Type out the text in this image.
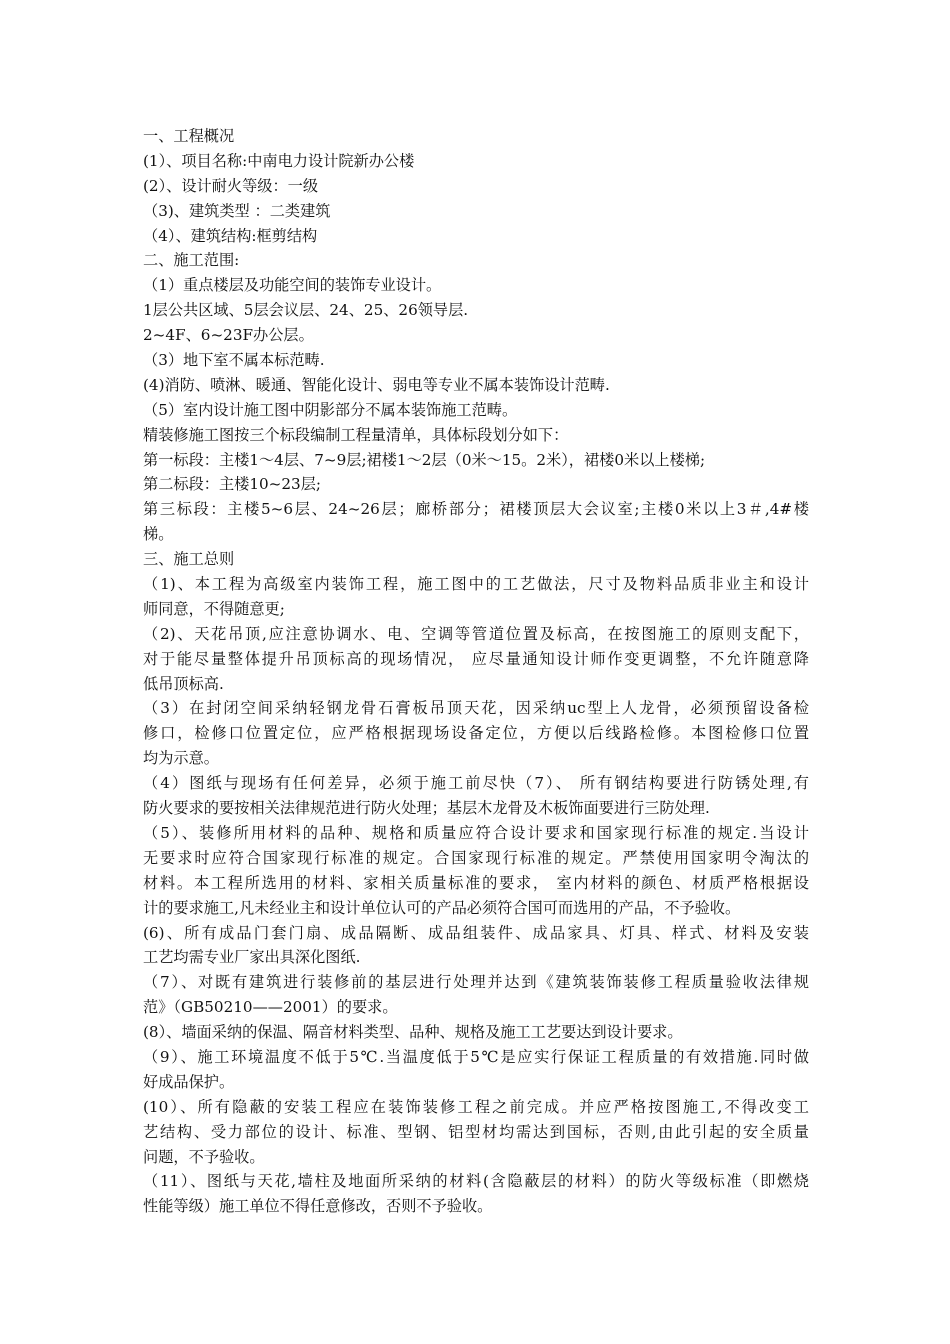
一、工程概况
(1）、项目名称:中南电力设计院新办公楼
(2）、设计耐火等级：一级
（3)、建筑类型 ：二类建筑
（4）、建筑结构:框剪结构
二、施工范围:
（1）重点楼层及功能空间的装饰专业设计。
1层公共区域、5层会议层、24、25、26领导层.
2~4F、6~23F办公层。
（3）地下室不属本标范畴.
(4)消防、喷淋、暖通、智能化设计、弱电等专业不属本装饰设计范畴.
（5）室内设计施工图中阴影部分不属本装饰施工范畴。
精装修施工图按三个标段编制工程量清单，具体标段划分如下：
第一标段：主楼1～4层、7~9层;裙楼1～2层（0米～15。2米），裙楼0米以上楼梯;
第二标段：主楼10~23层;
第三标段：主楼5~6层、24~26层；廊桥部分；裙楼顶层大会议室;主楼0米以上3＃,4#楼
梯。
三、施工总则
（1)、本工程为高级室内装饰工程，施工图中的工艺做法，尺寸及物料品质非业主和设计
师同意，不得随意更;
（2)、天花吊顶,应注意协调水、电、空调等管道位置及标高，在按图施工的原则支配下，
对于能尽量整体提升吊顶标高的现场情况， 应尽量通知设计师作变更调整，不允许随意降
低吊顶标高.
（3）在封闭空间采纳轻钢龙骨石膏板吊顶天花，因采纳uc型上人龙骨，必须预留设备检
修口，检修口位置定位，应严格根据现场设备定位，方便以后线路检修。本图检修口位置
均为示意。
（4）图纸与现场有任何差异，必须于施工前尽快（7）、 所有钢结构要进行防锈处理,有
防火要求的要按相关法律规范进行防火处理；基层木龙骨及木板饰面要进行三防处理.
（5）、装修所用材料的品种、规格和质量应符合设计要求和国家现行标准的规定.当设计
无要求时应符合国家现行标准的规定。合国家现行标准的规定。严禁使用国家明令淘汰的
材料。本工程所选用的材料、家相关质量标准的要求， 室内材料的颜色、材质严格根据设
计的要求施工,凡未经业主和设计单位认可的产品必须符合国可而选用的产品，不予验收。
(6)、所有成品门套门扇、成品隔断、成品组装件、成品家具、灯具、样式、材料及安装
工艺均需专业厂家出具深化图纸.
（7）、对既有建筑进行装修前的基层进行处理并达到《建筑装饰装修工程质量验收法律规
范》（GB50210——2001）的要求。
(8）、墙面采纳的保温、隔音材料类型、品种、规格及施工工艺要达到设计要求。
（9）、施工环境温度不低于5℃.当温度低于5℃是应实行保证工程质量的有效措施.同时做
好成品保护。
(10）、所有隐蔽的安装工程应在装饰装修工程之前完成。并应严格按图施工,不得改变工
艺结构、受力部位的设计、标准、型钢、铝型材均需达到国标，否则,由此引起的安全质量
问题，不予验收。
（11）、图纸与天花,墙柱及地面所采纳的材料(含隐蔽层的材料）的防火等级标准（即燃烧
性能等级）施工单位不得任意修改，否则不予验收。
